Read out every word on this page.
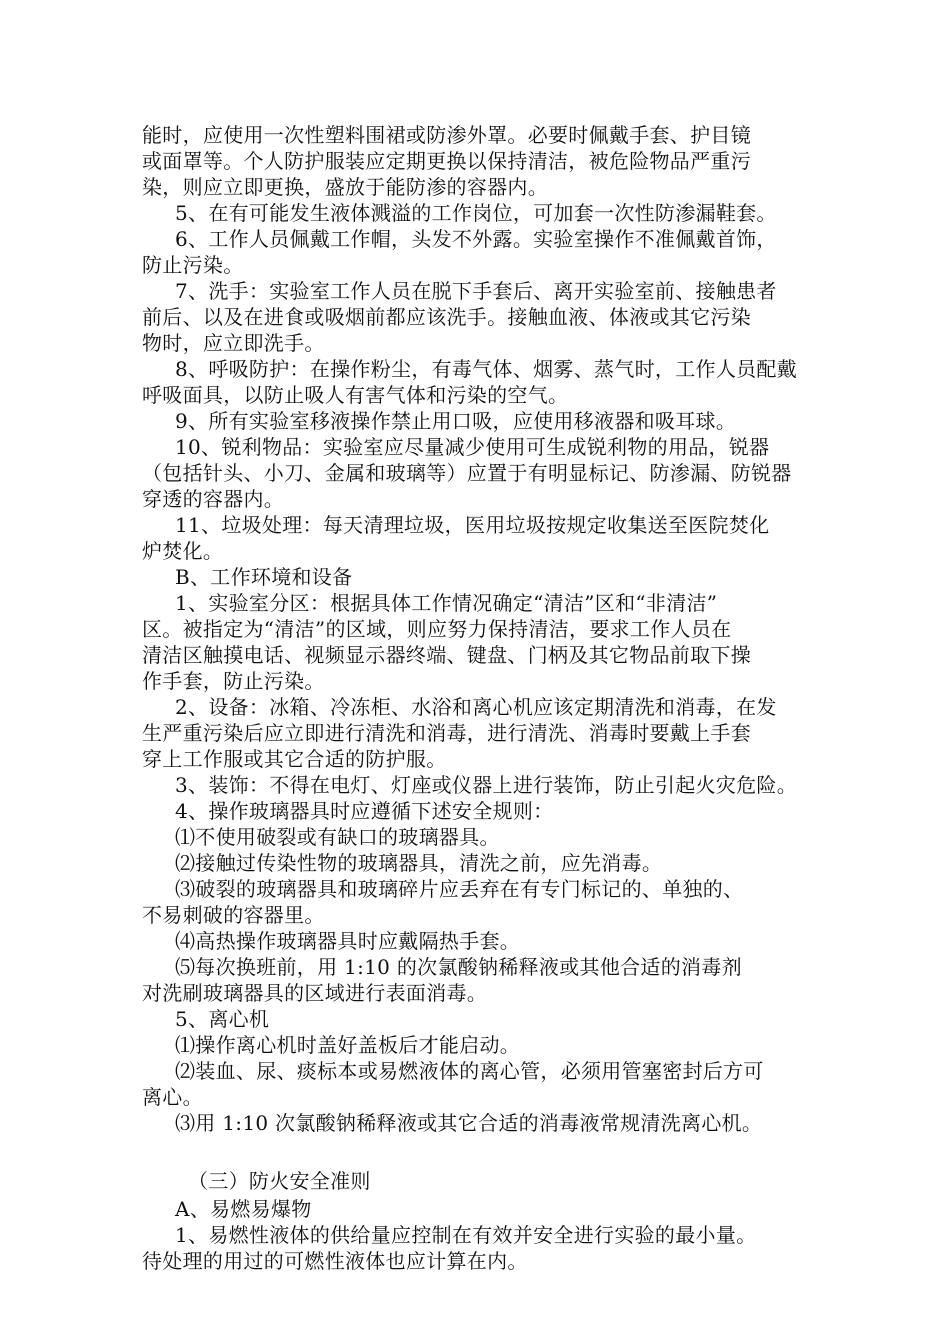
能时，应使用一次性塑料围裙或防渗外罩。必要时佩戴手套、护目镜
或面罩等。个人防护服装应定期更换以保持清洁，被危险物品严重污
染，则应立即更换，盛放于能防渗的容器内。
5、在有可能发生液体溅溢的工作岗位，可加套一次性防渗漏鞋套。
6、工作人员佩戴工作帽，头发不外露。实验室操作不准佩戴首饰，
防止污染。
7、洗手：实验室工作人员在脱下手套后、离开实验室前、接触患者
前后、以及在进食或吸烟前都应该洗手。接触血液、体液或其它污染
物时，应立即洗手。
8、呼吸防护：在操作粉尘，有毒气体、烟雾、蒸气时，工作人员配戴
呼吸面具，以防止吸人有害气体和污染的空气。
9、所有实验室移液操作禁止用口吸，应使用移液器和吸耳球。
10、锐利物品：实验室应尽量减少使用可生成锐利物的用品，锐器
（包括针头、小刀、金属和玻璃等）应置于有明显标记、防渗漏、防锐器
穿透的容器内。
11、垃圾处理：每天清理垃圾，医用垃圾按规定收集送至医院焚化
炉焚化。
B、工作环境和设备
1、实验室分区：根据具体工作情况确定“清洁”区和“非清洁”
区。被指定为“清洁”的区域，则应努力保持清洁，要求工作人员在
清洁区触摸电话、视频显示器终端、键盘、门柄及其它物品前取下操
作手套，防止污染。
2、设备：冰箱、冷冻柜、水浴和离心机应该定期清洗和消毒，在发
生严重污染后应立即进行清洗和消毒，进行清洗、消毒时要戴上手套
穿上工作服或其它合适的防护服。
3、装饰：不得在电灯、灯座或仪器上进行装饰，防止引起火灾危险。
4、操作玻璃器具时应遵循下述安全规则：
⑴不使用破裂或有缺口的玻璃器具。
⑵接触过传染性物的玻璃器具，清洗之前，应先消毒。
⑶破裂的玻璃器具和玻璃碎片应丢弃在有专门标记的、单独的、
不易刺破的容器里。
⑷高热操作玻璃器具时应戴隔热手套。
⑸每次换班前，用 1:10 的次氯酸钠稀释液或其他合适的消毒剂
对洗刷玻璃器具的区域进行表面消毒。
5、离心机
⑴操作离心机时盖好盖板后才能启动。
⑵装血、尿、痰标本或易燃液体的离心管，必须用管塞密封后方可
离心。
⑶用 1:10 次氯酸钠稀释液或其它合适的消毒液常规清洗离心机。
（三）防火安全准则
A、易燃易爆物
1、易燃性液体的供给量应控制在有效并安全进行实验的最小量。
待处理的用过的可燃性液体也应计算在内。
